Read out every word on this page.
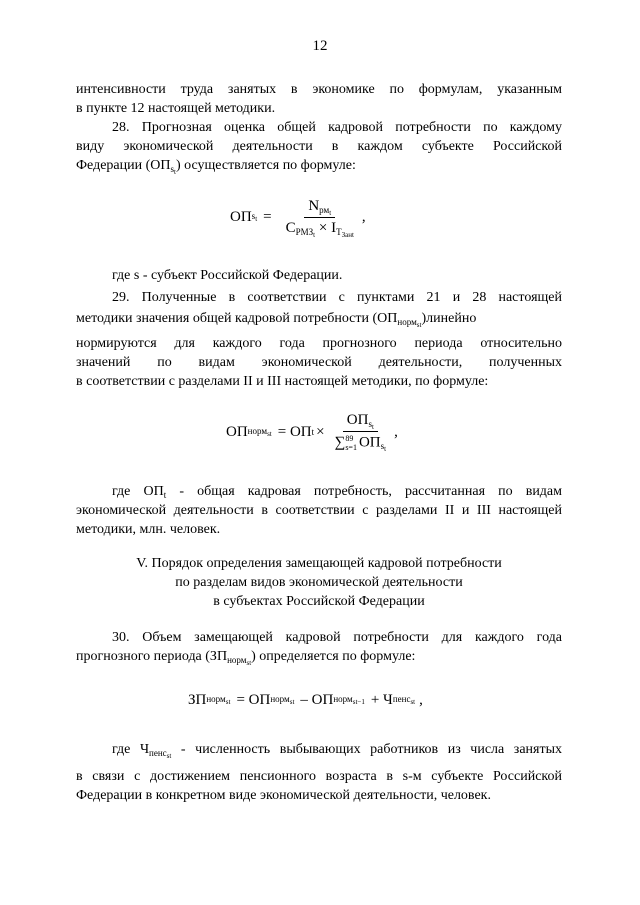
12
интенсивности труда занятых в экономике по формулам, указанным
в пункте 12 настоящей методики.
28. Прогнозная оценка общей кадровой потребности по каждому
виду экономической деятельности в каждом субъекте Российской
Федерации $(ОП_{s_t})$ осуществляется по формуле:
ОП $s_t = \frac{N_{рм_t}}{С_{РМЗ_t} \times I_{Т_{Занt}}}$ ,
где s - субъект Российской Федерации.
29. Полученные в соответствии с пунктами 21 и 28 настоящей
методики значения общей кадровой потребности $(ОП_{норм_{st}})линейно$
нормируются для каждого года прогнозного периода относительно
значений по видам экономической деятельности, полученных
в соответствии с разделами II и III настоящей методики, по формуле:
ОП норм$_{st}$ = ОП $t \times ОП_{s_t}$
∑ 89
s=1 $ОП_{s_t}$ ,
где $ОП_t$ - общая кадровая потребность, рассчитанная по видам
экономической деятельности в соответствии с разделами II и III настоящей
методики, млн. человек.
V. Порядок определения замещающей кадровой потребности
по разделам видов экономической деятельности
в субъектах Российской Федерации
30. Объем замещающей кадровой потребности для каждого года
прогнозного периода $(ЗП_{норм_{st}})$ определяется по формуле:
ЗП норм$_{st}$ = ОП норм$_{st}$ – ОП норм$_{st-1}$ + Ч пенс$_{st}$ ,
где $Ч_{пенс_{st}}$ - численность выбывающих работников из числа занятых
в связи с достижением пенсионного возраста в s-м субъекте Российской
Федерации в конкретном виде экономической деятельности, человек.
